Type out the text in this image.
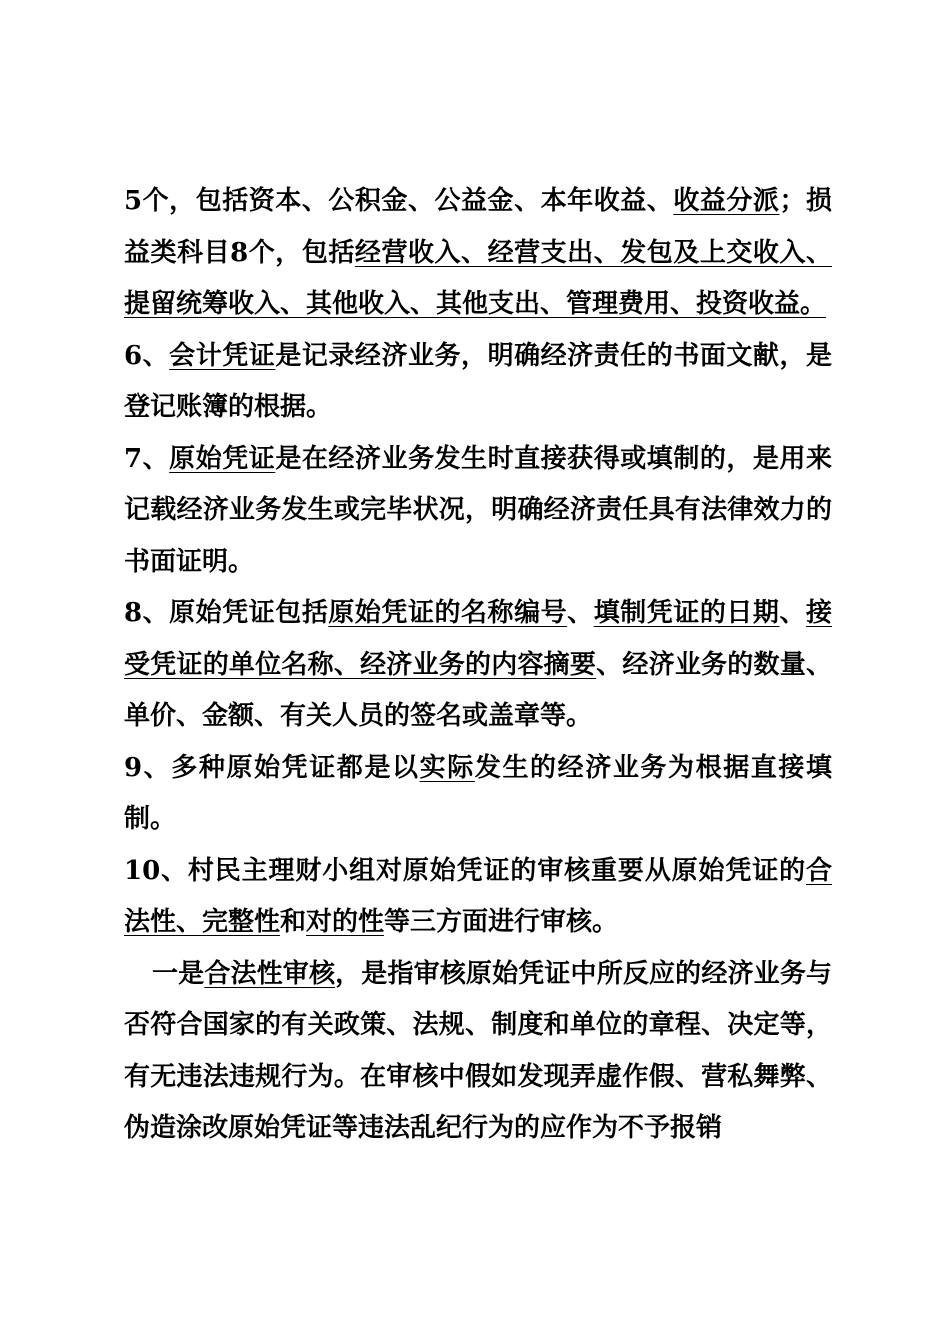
5个，包括资本、公积金、公益金、本年收益、收益分派；损益类科目8个，包括经营收入、经营支出、发包及上交收入、提留统筹收入、其他收入、其他支出、管理费用、投资收益。

6、会计凭证是记录经济业务，明确经济责任的书面文献，是登记账簿的根据。

7、原始凭证是在经济业务发生时直接获得或填制的，是用来记载经济业务发生或完毕状况，明确经济责任具有法律效力的书面证明。

8、原始凭证包括原始凭证的名称编号、填制凭证的日期、接受凭证的单位名称、经济业务的内容摘要、经济业务的数量、单价、金额、有关人员的签名或盖章等。

9、多种原始凭证都是以实际发生的经济业务为根据直接填制。

10、村民主理财小组对原始凭证的审核重要从原始凭证的合法性、完整性和对的性等三方面进行审核。

一是合法性审核，是指审核原始凭证中所反应的经济业务与否符合国家的有关政策、法规、制度和单位的章程、决定等，有无违法违规行为。在审核中假如发现弄虚作假、营私舞弊、伪造涂改原始凭证等违法乱纪行为的应作为不予报销
